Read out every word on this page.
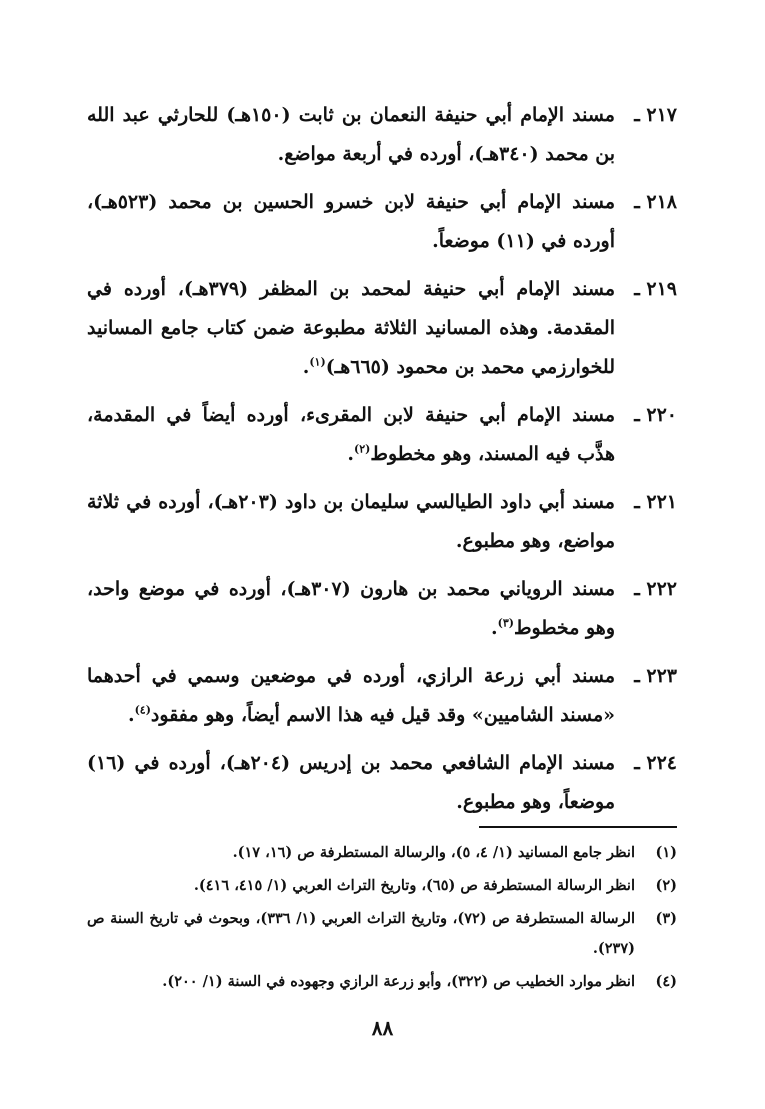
٢١٧ ـ
مسند الإمام أبي حنيفة النعمان بن ثابت (١٥٠هـ) للحارثي عبد الله بن محمد (٣٤٠هـ)، أورده في أربعة مواضع.
٢١٨ ـ
مسند الإمام أبي حنيفة لابن خسرو الحسين بن محمد (٥٢٣هـ)، أورده في (١١) موضعاً.
٢١٩ ـ
مسند الإمام أبي حنيفة لمحمد بن المظفر (٣٧٩هـ)، أورده في المقدمة. وهذه المسانيد الثلاثة مطبوعة ضمن كتاب جامع المسانيد للخوارزمي محمد بن محمود (٦٦٥هـ)$^{(١)}$.
٢٢٠ ـ
مسند الإمام أبي حنيفة لابن المقرىء، أورده أيضاً في المقدمة، هذَّب فيه المسند، وهو مخطوط$^{(٢)}$.
٢٢١ ـ
مسند أبي داود الطيالسي سليمان بن داود (٢٠٣هـ)، أورده في ثلاثة مواضع، وهو مطبوع.
٢٢٢ ـ
مسند الروياني محمد بن هارون (٣٠٧هـ)، أورده في موضع واحد، وهو مخطوط$^{(٣)}$.
٢٢٣ ـ
مسند أبي زرعة الرازي، أورده في موضعين وسمي في أحدهما «مسند الشاميين» وقد قيل فيه هذا الاسم أيضاً، وهو مفقود$^{(٤)}$.
٢٢٤ ـ
مسند الإمام الشافعي محمد بن إدريس (٢٠٤هـ)، أورده في (١٦) موضعاً، وهو مطبوع.
(١)
انظر جامع المسانيد (١/ ٤، ٥)، والرسالة المستطرفة ص (١٦، ١٧).
(٢)
انظر الرسالة المستطرفة ص (٦٥)، وتاريخ التراث العربي (١/ ٤١٥، ٤١٦).
(٣)
الرسالة المستطرفة ص (٧٢)، وتاريخ التراث العربي (١/ ٣٣٦)، وبحوث في تاريخ السنة ص (٢٣٧).
(٤)
انظر موارد الخطيب ص (٣٢٢)، وأبو زرعة الرازي وجهوده في السنة (١/ ٢٠٠).
٨٨
